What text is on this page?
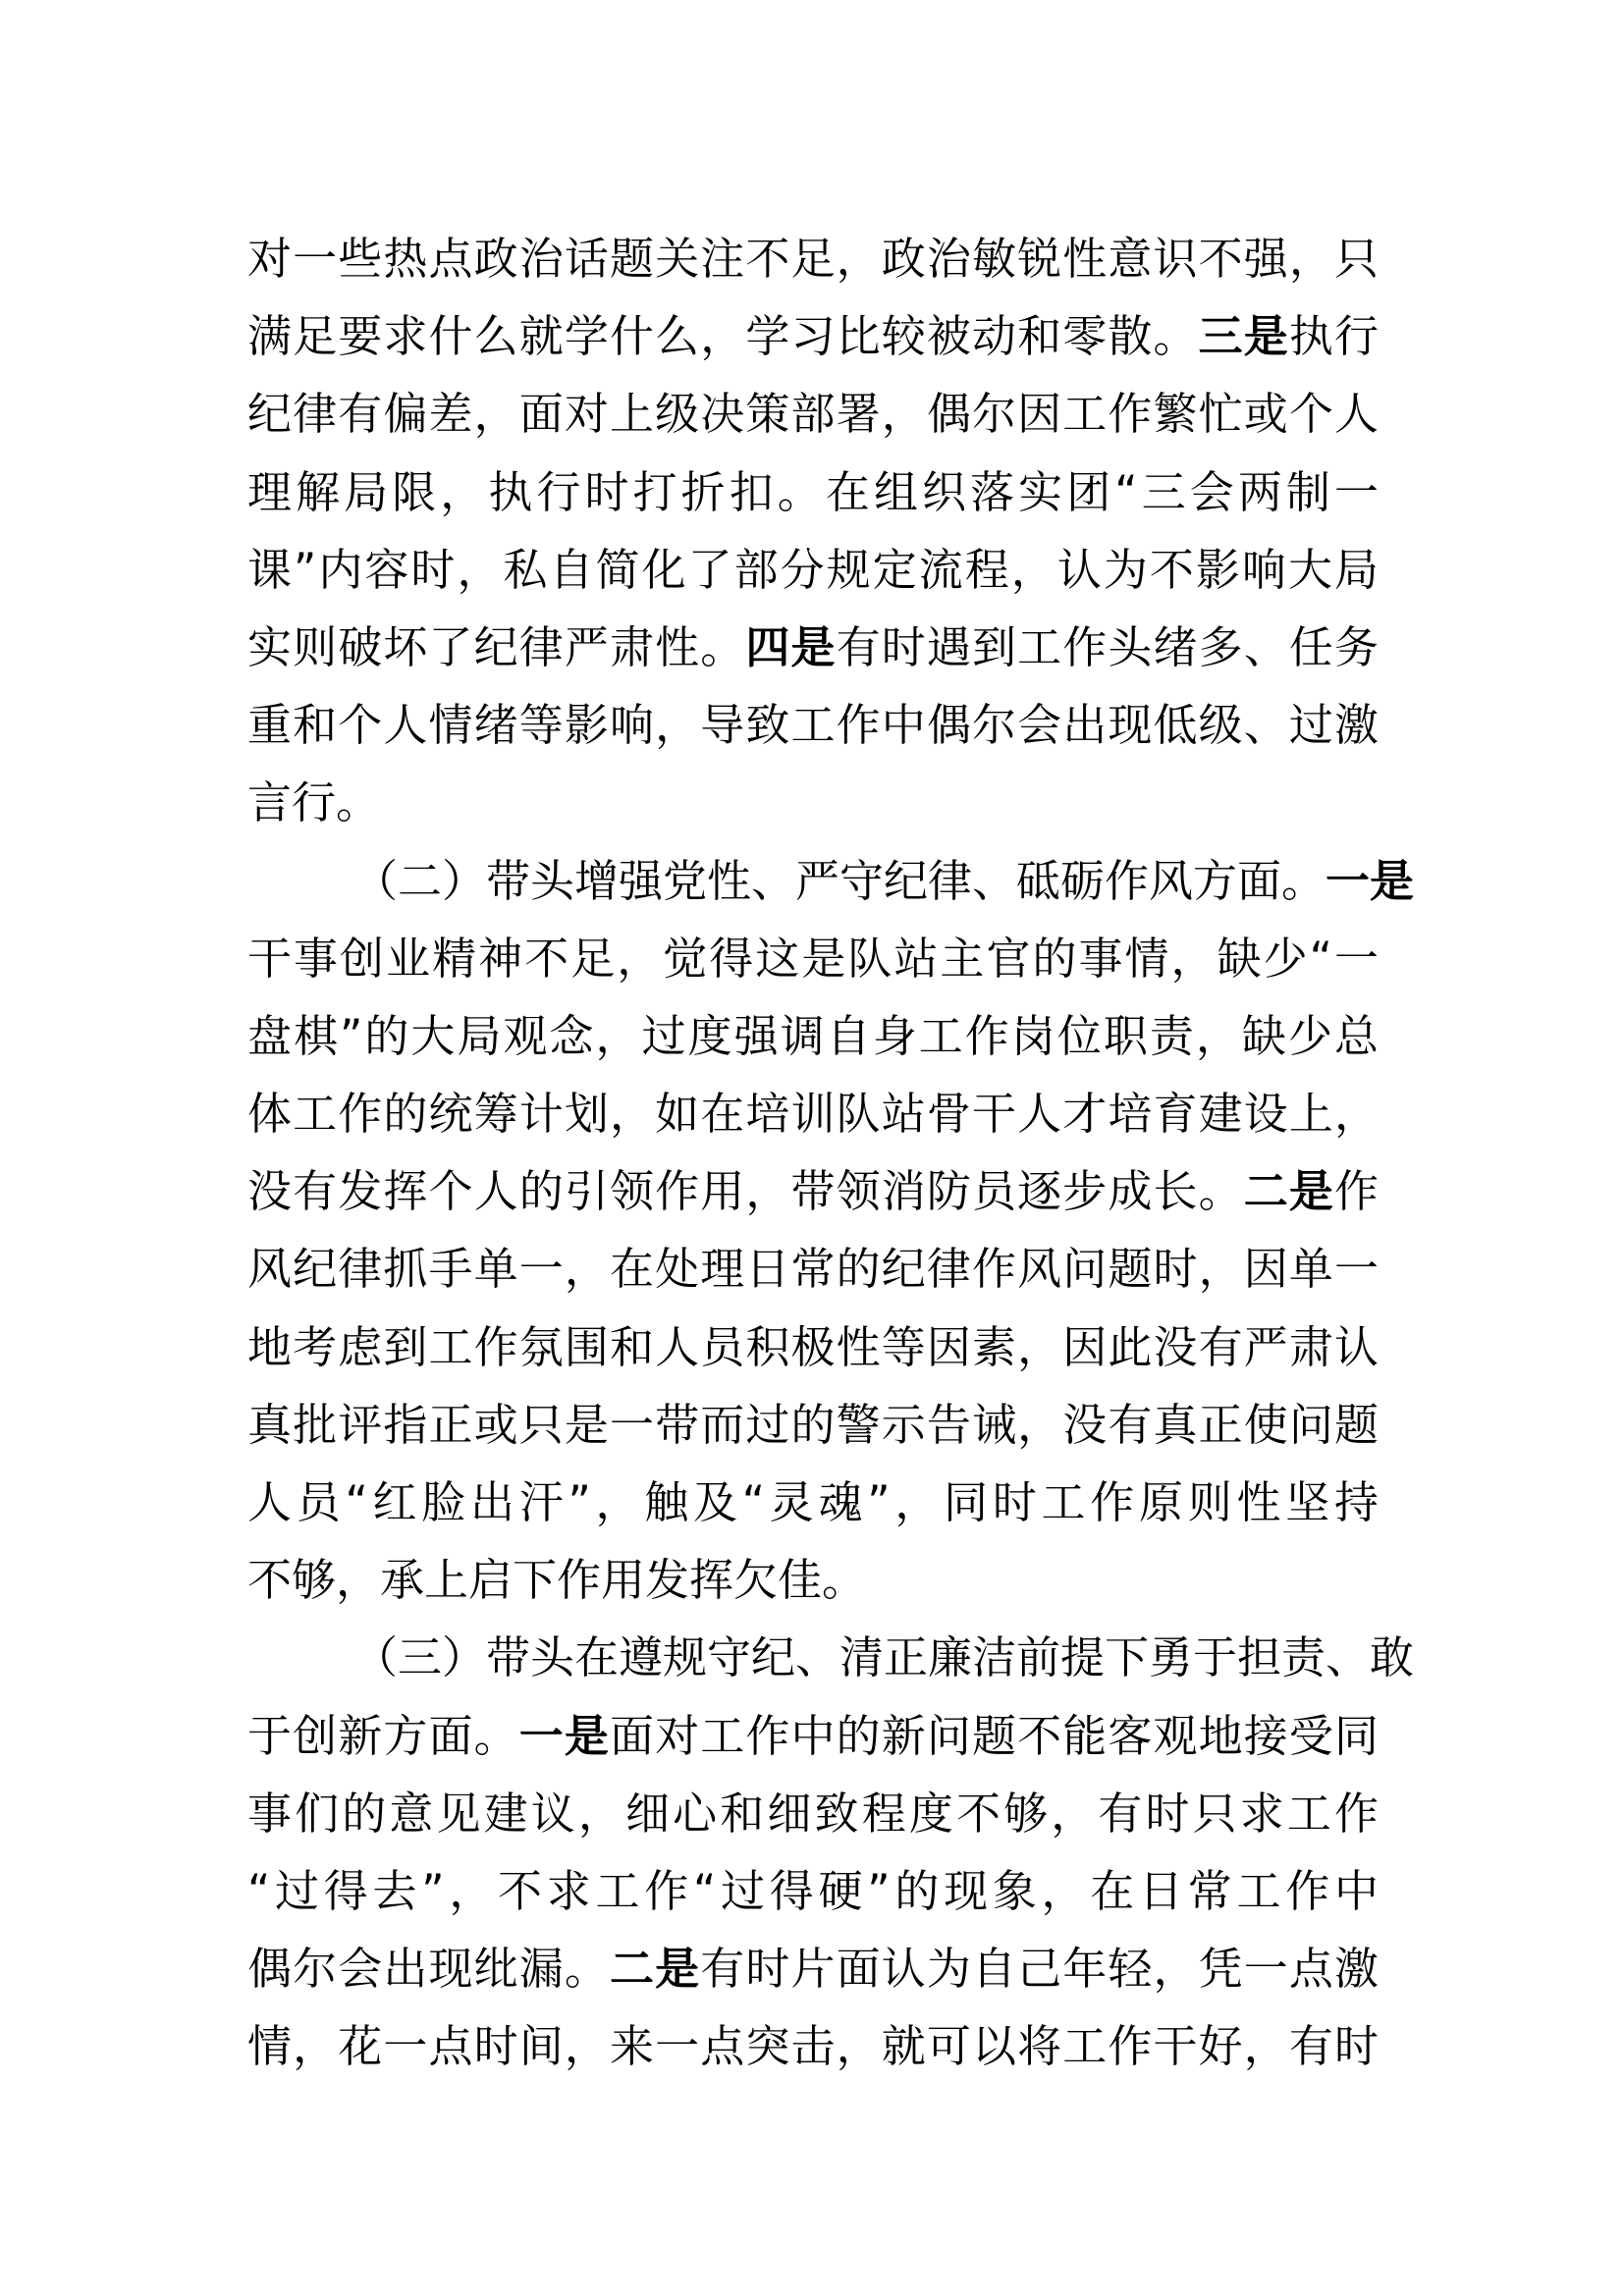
对一些热点政治话题关注不足，政治敏锐性意识不强，只
满足要求什么就学什么，学习比较被动和零散。三是执行
纪律有偏差，面对上级决策部署，偶尔因工作繁忙或个人
理解局限，执行时打折扣。在组织落实团“三会两制一
课”内容时，私自简化了部分规定流程，认为不影响大局
实则破坏了纪律严肃性。四是有时遇到工作头绪多、任务
重和个人情绪等影响，导致工作中偶尔会出现低级、过激
言行。
（二）带头增强党性、严守纪律、砥砺作风方面。一是
干事创业精神不足，觉得这是队站主官的事情，缺少“一
盘棋”的大局观念，过度强调自身工作岗位职责，缺少总
体工作的统筹计划，如在培训队站骨干人才培育建设上，
没有发挥个人的引领作用，带领消防员逐步成长。二是作
风纪律抓手单一，在处理日常的纪律作风问题时，因单一
地考虑到工作氛围和人员积极性等因素，因此没有严肃认
真批评指正或只是一带而过的警示告诫，没有真正使问题
人员“红脸出汗”，触及“灵魂”，同时工作原则性坚持
不够，承上启下作用发挥欠佳。
（三）带头在遵规守纪、清正廉洁前提下勇于担责、敢
于创新方面。一是面对工作中的新问题不能客观地接受同
事们的意见建议，细心和细致程度不够，有时只求工作
“过得去”，不求工作“过得硬”的现象，在日常工作中
偶尔会出现纰漏。二是有时片面认为自己年轻，凭一点激
情，花一点时间，来一点突击，就可以将工作干好，有时
